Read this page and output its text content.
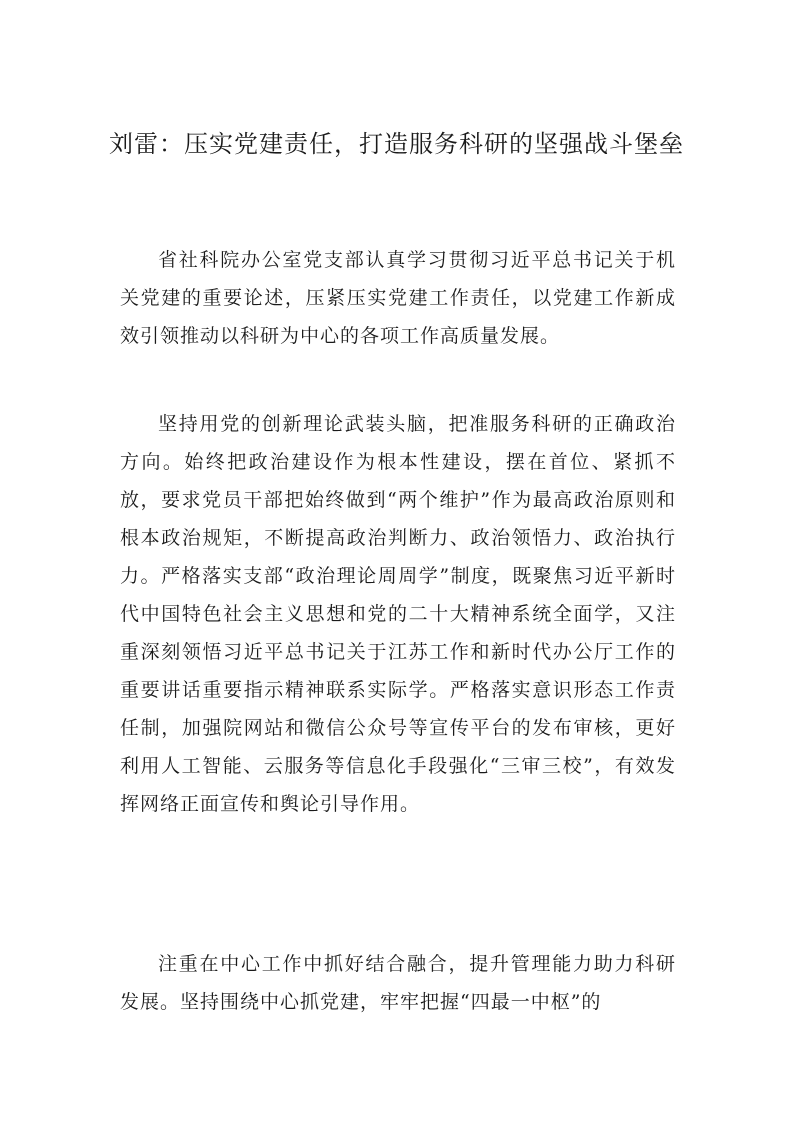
刘雷：压实党建责任，打造服务科研的坚强战斗堡垒

省社科院办公室党支部认真学习贯彻习近平总书记关于机关党建的重要论述，压紧压实党建工作责任，以党建工作新成效引领推动以科研为中心的各项工作高质量发展。

坚持用党的创新理论武装头脑，把准服务科研的正确政治方向。始终把政治建设作为根本性建设，摆在首位、紧抓不放，要求党员干部把始终做到“两个维护”作为最高政治原则和根本政治规矩，不断提高政治判断力、政治领悟力、政治执行力。严格落实支部“政治理论周周学”制度，既聚焦习近平新时代中国特色社会主义思想和党的二十大精神系统全面学，又注重深刻领悟习近平总书记关于江苏工作和新时代办公厅工作的重要讲话重要指示精神联系实际学。严格落实意识形态工作责任制，加强院网站和微信公众号等宣传平台的发布审核，更好利用人工智能、云服务等信息化手段强化“三审三校”，有效发挥网络正面宣传和舆论引导作用。

注重在中心工作中抓好结合融合，提升管理能力助力科研发展。坚持围绕中心抓党建，牢牢把握“四最一中枢”的
